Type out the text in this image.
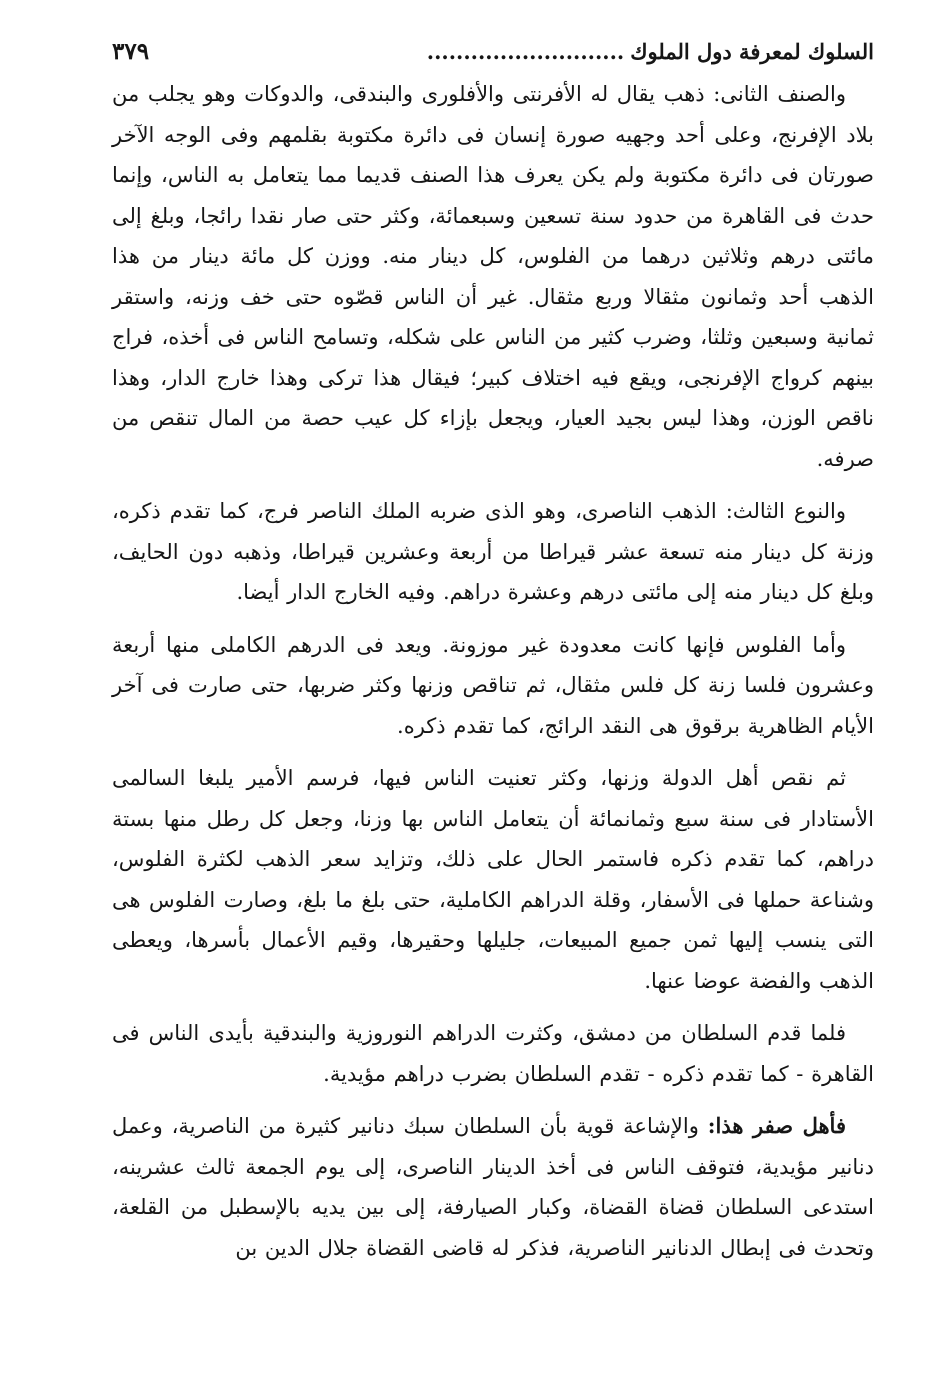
السلوك لمعرفة دول الملوك...........................
٣٧٩

والصنف الثانى: ذهب يقال له الأفرنتى والأفلورى والبندقى، والدوكات وهو يجلب من بلاد الإفرنج، وعلى أحد وجهيه صورة إنسان فى دائرة مكتوبة بقلمهم وفى الوجه الآخر صورتان فى دائرة مكتوبة ولم يكن يعرف هذا الصنف قديما مما يتعامل به الناس، وإنما حدث فى القاهرة من حدود سنة تسعين وسبعمائة، وكثر حتى صار نقدا رائجا، وبلغ إلى مائتى درهم وثلاثين درهما من الفلوس، كل دينار منه. ووزن كل مائة دينار من هذا الذهب أحد وثمانون مثقالا وربع مثقال. غير أن الناس قصّوه حتى خف وزنه، واستقر ثمانية وسبعين وثلثا، وضرب كثير من الناس على شكله، وتسامح الناس فى أخذه، فراج بينهم كرواج الإفرنجى، ويقع فيه اختلاف كبير؛ فيقال هذا تركى وهذا خارج الدار، وهذا ناقص الوزن، وهذا ليس بجيد العيار، ويجعل بإزاء كل عيب حصة من المال تنقص من صرفه.

والنوع الثالث: الذهب الناصرى، وهو الذى ضربه الملك الناصر فرج، كما تقدم ذكره، وزنة كل دينار منه تسعة عشر قيراطا من أربعة وعشرين قيراطا، وذهبه دون الحايف، وبلغ كل دينار منه إلى مائتى درهم وعشرة دراهم. وفيه الخارج الدار أيضا.

وأما الفلوس فإنها كانت معدودة غير موزونة. ويعد فى الدرهم الكاملى منها أربعة وعشرون فلسا زنة كل فلس مثقال، ثم تناقص وزنها وكثر ضربها، حتى صارت فى آخر الأيام الظاهرية برقوق هى النقد الرائج، كما تقدم ذكره.

ثم نقص أهل الدولة وزنها، وكثر تعنيت الناس فيها، فرسم الأمير يلبغا السالمى الأستادار فى سنة سبع وثمانمائة أن يتعامل الناس بها وزنا، وجعل كل رطل منها بستة دراهم، كما تقدم ذكره فاستمر الحال على ذلك، وتزايد سعر الذهب لكثرة الفلوس، وشناعة حملها فى الأسفار، وقلة الدراهم الكاملية، حتى بلغ ما بلغ، وصارت الفلوس هى التى ينسب إليها ثمن جميع المبيعات، جليلها وحقيرها، وقيم الأعمال بأسرها، ويعطى الذهب والفضة عوضا عنها.

فلما قدم السلطان من دمشق، وكثرت الدراهم النوروزية والبندقية بأيدى الناس فى القاهرة - كما تقدم ذكره - تقدم السلطان بضرب دراهم مؤيدية.

فأهل صفر هذا: والإشاعة قوية بأن السلطان سبك دنانير كثيرة من الناصرية، وعمل دنانير مؤيدية، فتوقف الناس فى أخذ الدينار الناصرى، إلى يوم الجمعة ثالث عشرينه، استدعى السلطان قضاة القضاة، وكبار الصيارفة، إلى بين يديه بالإسطبل من القلعة، وتحدث فى إبطال الدنانير الناصرية، فذكر له قاضى القضاة جلال الدين بن
